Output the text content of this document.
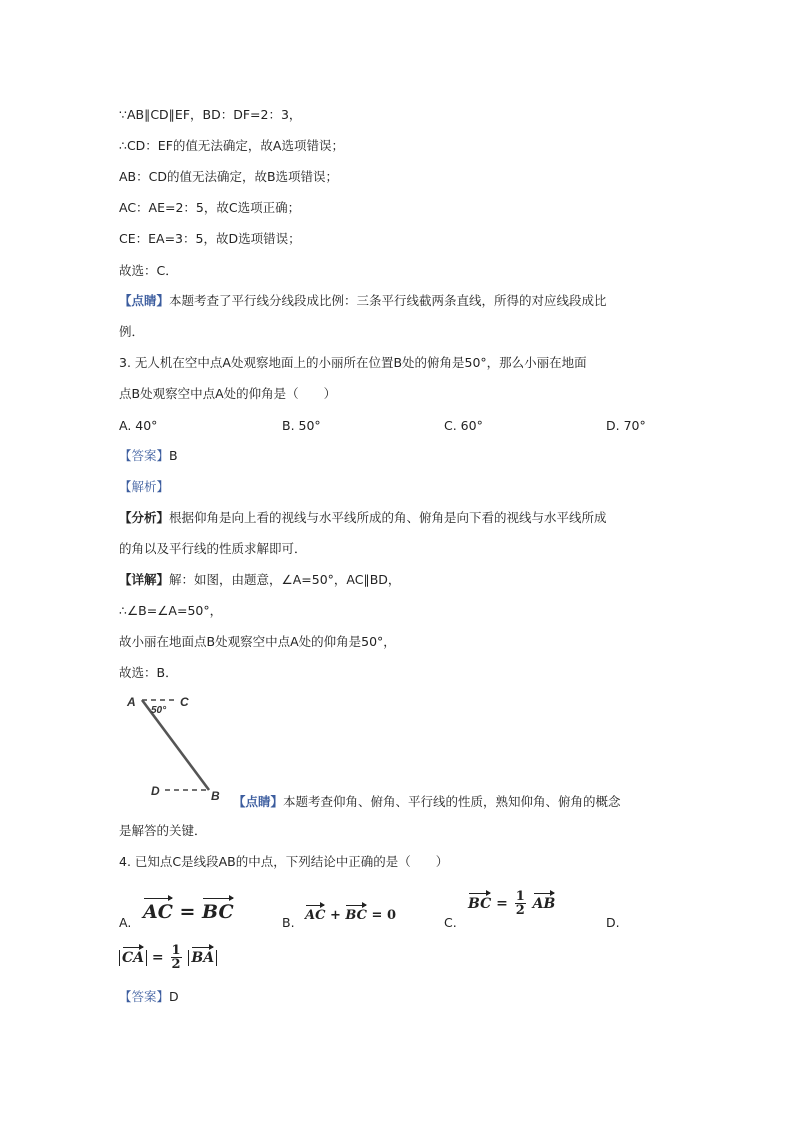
∵AB∥CD∥EF，BD：DF=2：3，
∴CD：EF的值无法确定，故A选项错误；
AB：CD的值无法确定，故B选项错误；
AC：AE=2：5，故C选项正确；
CE：EA=3：5，故D选项错误；
故选：C．
【点睛】本题考查了平行线分线段成比例：三条平行线截两条直线，所得的对应线段成比
例．
3. 无人机在空中点A处观察地面上的小丽所在位置B处的俯角是50°，那么小丽在地面
点B处观察空中点A处的仰角是（　　）
A. 40°	B. 50°	C. 60°	D. 70°
【答案】B
【解析】
【分析】根据仰角是向上看的视线与水平线所成的角、俯角是向下看的视线与水平线所成
的角以及平行线的性质求解即可．
【详解】解：如图，由题意，∠A=50°，AC∥BD，
∴∠B=∠A=50°，
故小丽在地面点B处观察空中点A处的仰角是50°，
故选：B．
A	C
50°
D	B 【点睛】本题考查仰角、俯角、平行线的性质，熟知仰角、俯角的概念
是解答的关键．
4. 已知点C是线段AB的中点，下列结论中正确的是（　　）
A. AC = BC	B. AC + BC = 0	C.
BC = $\frac{1}{2}$ AB
D.
CA = $\frac{1}{2}$ BA
【答案】D
